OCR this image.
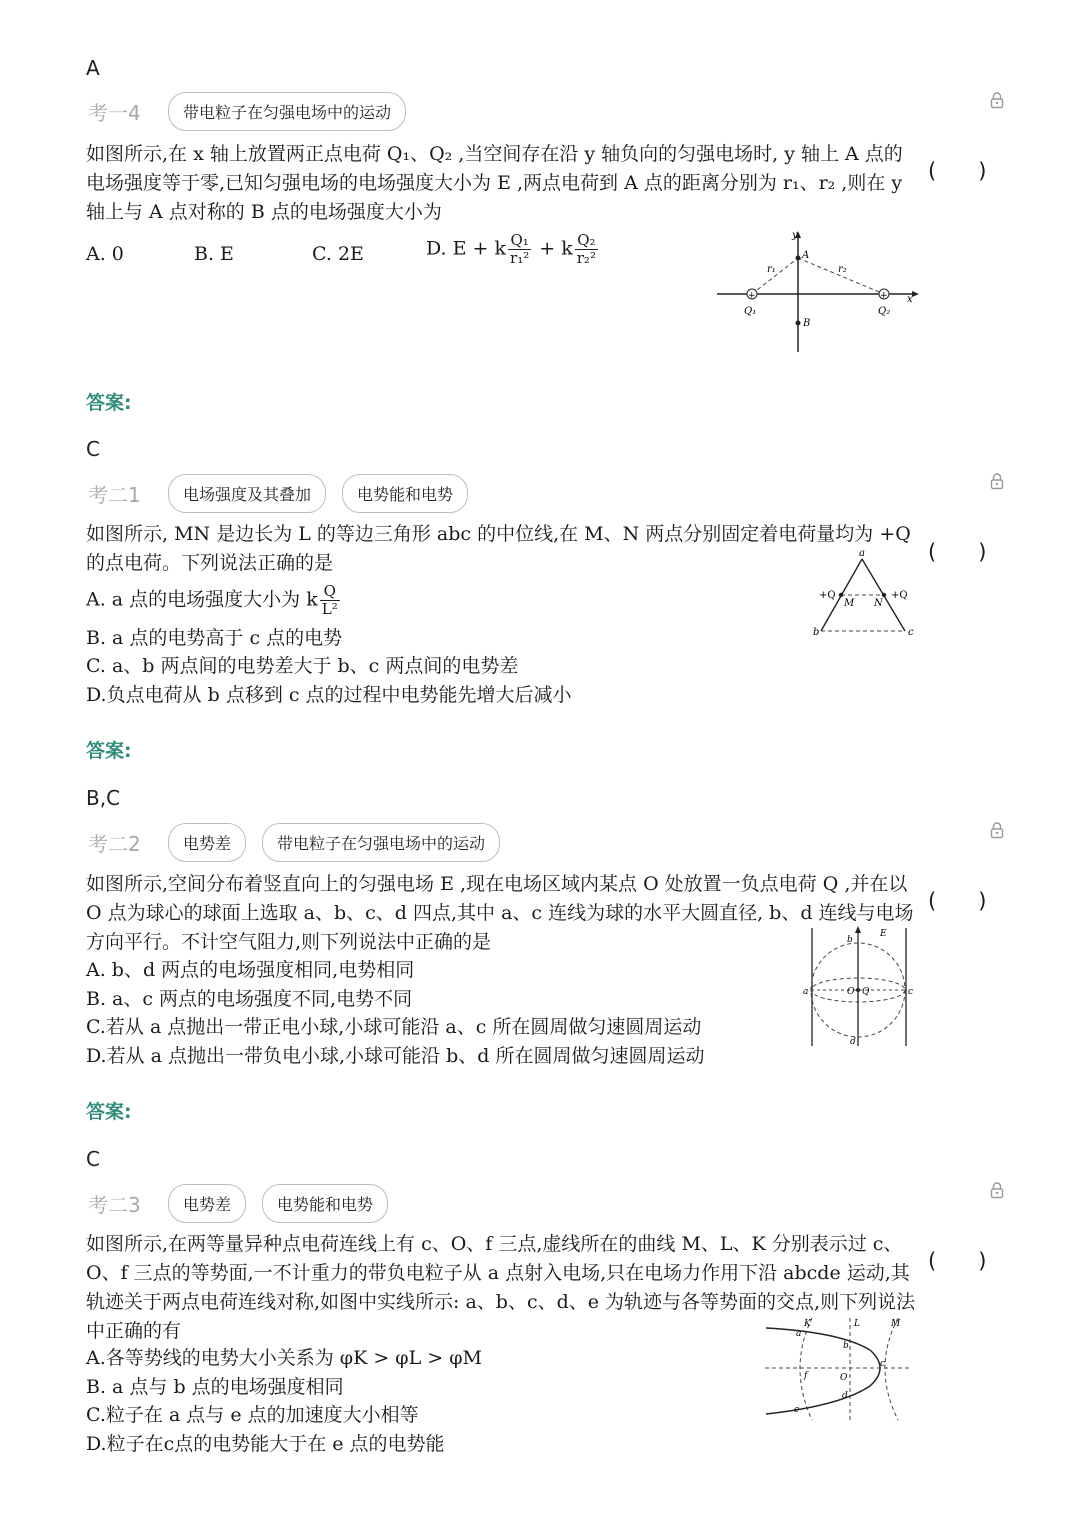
A
考一4	带电粒子在匀强电场中的运动
如图所示,在 x 轴上放置两正点电荷 Q₁、Q₂ ,当空间存在沿 y 轴负向的匀强电场时, y 轴上 A 点的电场强度等于零,已知匀强电场的电场强度大小为 E ,两点电荷到 A 点的距离分别为 r₁、r₂ ,则在 y 轴上与 A 点对称的 B 点的电场强度大小为
(　　)
A. 0	B. E	C. 2E	D. E + k $\frac{\text{Q₁}}{\text{r₁²}} + k \frac{\text{Q₂}}{\text{r₂²}}$
+	+
y
x
A
B
Q₁	Q₂
r₁	r₂
答案:
C
考二1	电场强度及其叠加	电势能和电势
如图所示, MN 是边长为 L 的等边三角形 abc 的中位线,在 M、N 两点分别固定着电荷量均为 +Q 的点电荷。下列说法正确的是	(　　)
A. a 点的电场强度大小为 k $\frac{Q}{\text{L²}}$
B. a 点的电势高于 c 点的电势
C. a、b 两点间的电势差大于 b、c 两点间的电势差
D.负点电荷从 b 点移到 c 点的过程中电势能先增大后减小
a
b	c
M N
+Q	+Q
答案:
B,C
考二2	电势差	带电粒子在匀强电场中的运动
如图所示,空间分布着竖直向上的匀强电场 E ,现在电场区域内某点 O 处放置一负点电荷 Q ,并在以 O 点为球心的球面上选取 a、b、c、d 四点,其中 a、c 连线为球的水平大圆直径, b、d 连线与电场方向平行。不计空气阻力,则下列说法中正确的是
(　　)
A. b、d 两点的电场强度相同,电势相同
B. a、c 两点的电场强度不同,电势不同
C.若从 a 点抛出一带正电小球,小球可能沿 a、c 所在圆周做匀速圆周运动
D.若从 a 点抛出一带负电小球,小球可能沿 b、d 所在圆周做匀速圆周运动
b
d
a	c
E
O Q
答案:
C
考二3	电势差	电势能和电势
如图所示,在两等量异种点电荷连线上有 c、O、f 三点,虚线所在的曲线 M、L、K 分别表示过 c、O、f 三点的等势面,一不计重力的带负电粒子从 a 点射入电场,只在电场力作用下沿 abcde 运动,其轨迹关于两点电荷连线对称,如图中实线所示: a、b、c、d、e 为轨迹与各等势面的交点,则下列说法中正确的有
(　　)
A.各等势线的电势大小关系为 φK > φL > φM
B. a 点与 b 点的电场强度相同
C.粒子在 a 点与 e 点的加速度大小相等
D.粒子在c点的电势能大于在 e 点的电势能
K	L	M
a
b
c
d
e
f	O
